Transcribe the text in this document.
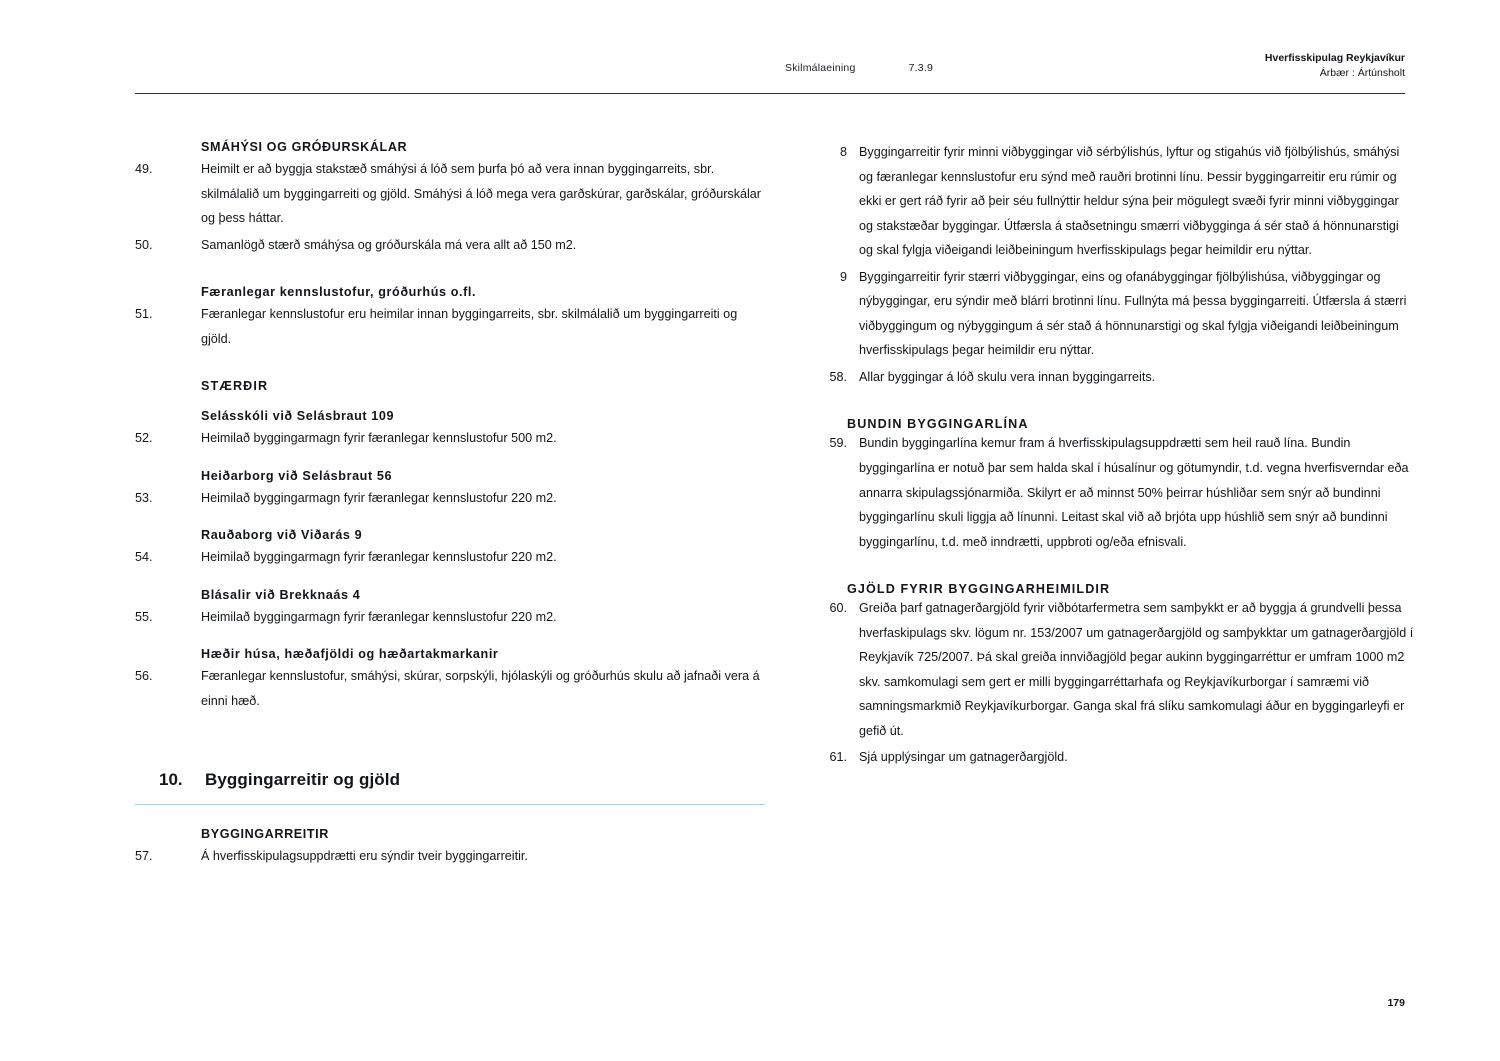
Skilmálaeining	7.3.9
Hverfisskipulag Reykjavíkur
Árbær : Ártúnsholt
SMÁHÝSI OG GRÓÐURSKÁLAR
49.	Heimilt er að byggja stakstæð smáhýsi á lóð sem þurfa þó að vera innan byggingarreits, sbr. skilmálalið um byggingarreiti og gjöld. Smáhýsi á lóð mega vera garðskúrar, garðskálar, gróðurskálar og þess háttar.
50.	Samanlögð stærð smáhýsa og gróðurskála má vera allt að 150 m2.
Færanlegar kennslustofur, gróðurhús o.fl.
51.	Færanlegar kennslustofur eru heimilar innan byggingarreits, sbr. skilmálalið um byggingarreiti og gjöld.
STÆRÐIR
Selásskóli við Selásbraut 109
52.	Heimilað byggingarmagn fyrir færanlegar kennslustofur 500 m2.
Heiðarborg við Selásbraut 56
53.	Heimilað byggingarmagn fyrir færanlegar kennslustofur 220 m2.
Rauðaborg við Viðarás 9
54.	Heimilað byggingarmagn fyrir færanlegar kennslustofur 220 m2.
Blásalir við Brekknaás 4
55.	Heimilað byggingarmagn fyrir færanlegar kennslustofur 220 m2.
Hæðir húsa, hæðafjöldi og hæðartakmarkanir
56.	Færanlegar kennslustofur, smáhýsi, skúrar, sorpskýli, hjólaskýli og gróðurhús skulu að jafnaði vera á einni hæð.
10.	Byggingarreitir og gjöld
BYGGINGARREITIR
57.	Á hverfisskipulagsuppdrætti eru sýndir tveir byggingarreitir.
8 Byggingarreitir fyrir minni viðbyggingar við sérbýlishús, lyftur og stigahús við fjölbýlishús, smáhýsi og færanlegar kennslustofur eru sýnd með rauðri brotinni línu. Þessir byggingarreitir eru rúmir og ekki er gert ráð fyrir að þeir séu fullnýttir heldur sýna þeir mögulegt svæði fyrir minni viðbyggingar og stakstæðar byggingar. Útfærsla á staðsetningu smærri viðbygginga á sér stað á hönnunarstigi og skal fylgja viðeigandi leiðbeiningum hverfisskipulags þegar heimildir eru nýttar.
9 Byggingarreitir fyrir stærri viðbyggingar, eins og ofanábyggingar fjölbýlishúsa, viðbyggingar og nýbyggingar, eru sýndir með blárri brotinni línu. Fullnýta má þessa byggingarreiti. Útfærsla á stærri viðbyggingum og nýbyggingum á sér stað á hönnunarstigi og skal fylgja viðeigandi leiðbeiningum hverfisskipulags þegar heimildir eru nýttar.
58. Allar byggingar á lóð skulu vera innan byggingarreits.
BUNDIN BYGGINGARLÍNA
59. Bundin byggingarlína kemur fram á hverfisskipulagsuppdrætti sem heil rauð lína. Bundin byggingarlína er notuð þar sem halda skal í húsalínur og götumyndir, t.d. vegna hverfisverndar eða annarra skipulagssjónarmiða. Skilyrt er að minnst 50% þeirrar húshliðar sem snýr að bundinni byggingarlínu skuli liggja að línunni. Leitast skal við að brjóta upp húshlið sem snýr að bundinni byggingarlínu, t.d. með inndrætti, uppbroti og/eða efnisvali.
GJÖLD FYRIR BYGGINGARHEIMILDIR
60. Greiða þarf gatnagerðargjöld fyrir viðbótarfermetra sem samþykkt er að byggja á grundvelli þessa hverfaskipulags skv. lögum nr. 153/2007 um gatnagerðargjöld og samþykktar um gatnagerðargjöld í Reykjavík 725/2007. Þá skal greiða innviðagjöld þegar aukinn byggingarréttur er umfram 1000 m2 skv. samkomulagi sem gert er milli byggingarréttarhafa og Reykjavíkurborgar í samræmi við samningsmarkmið Reykjavíkurborgar. Ganga skal frá slíku samkomulagi áður en byggingarleyfi er gefið út.
61. Sjá upplýsingar um gatnagerðargjöld.
179
